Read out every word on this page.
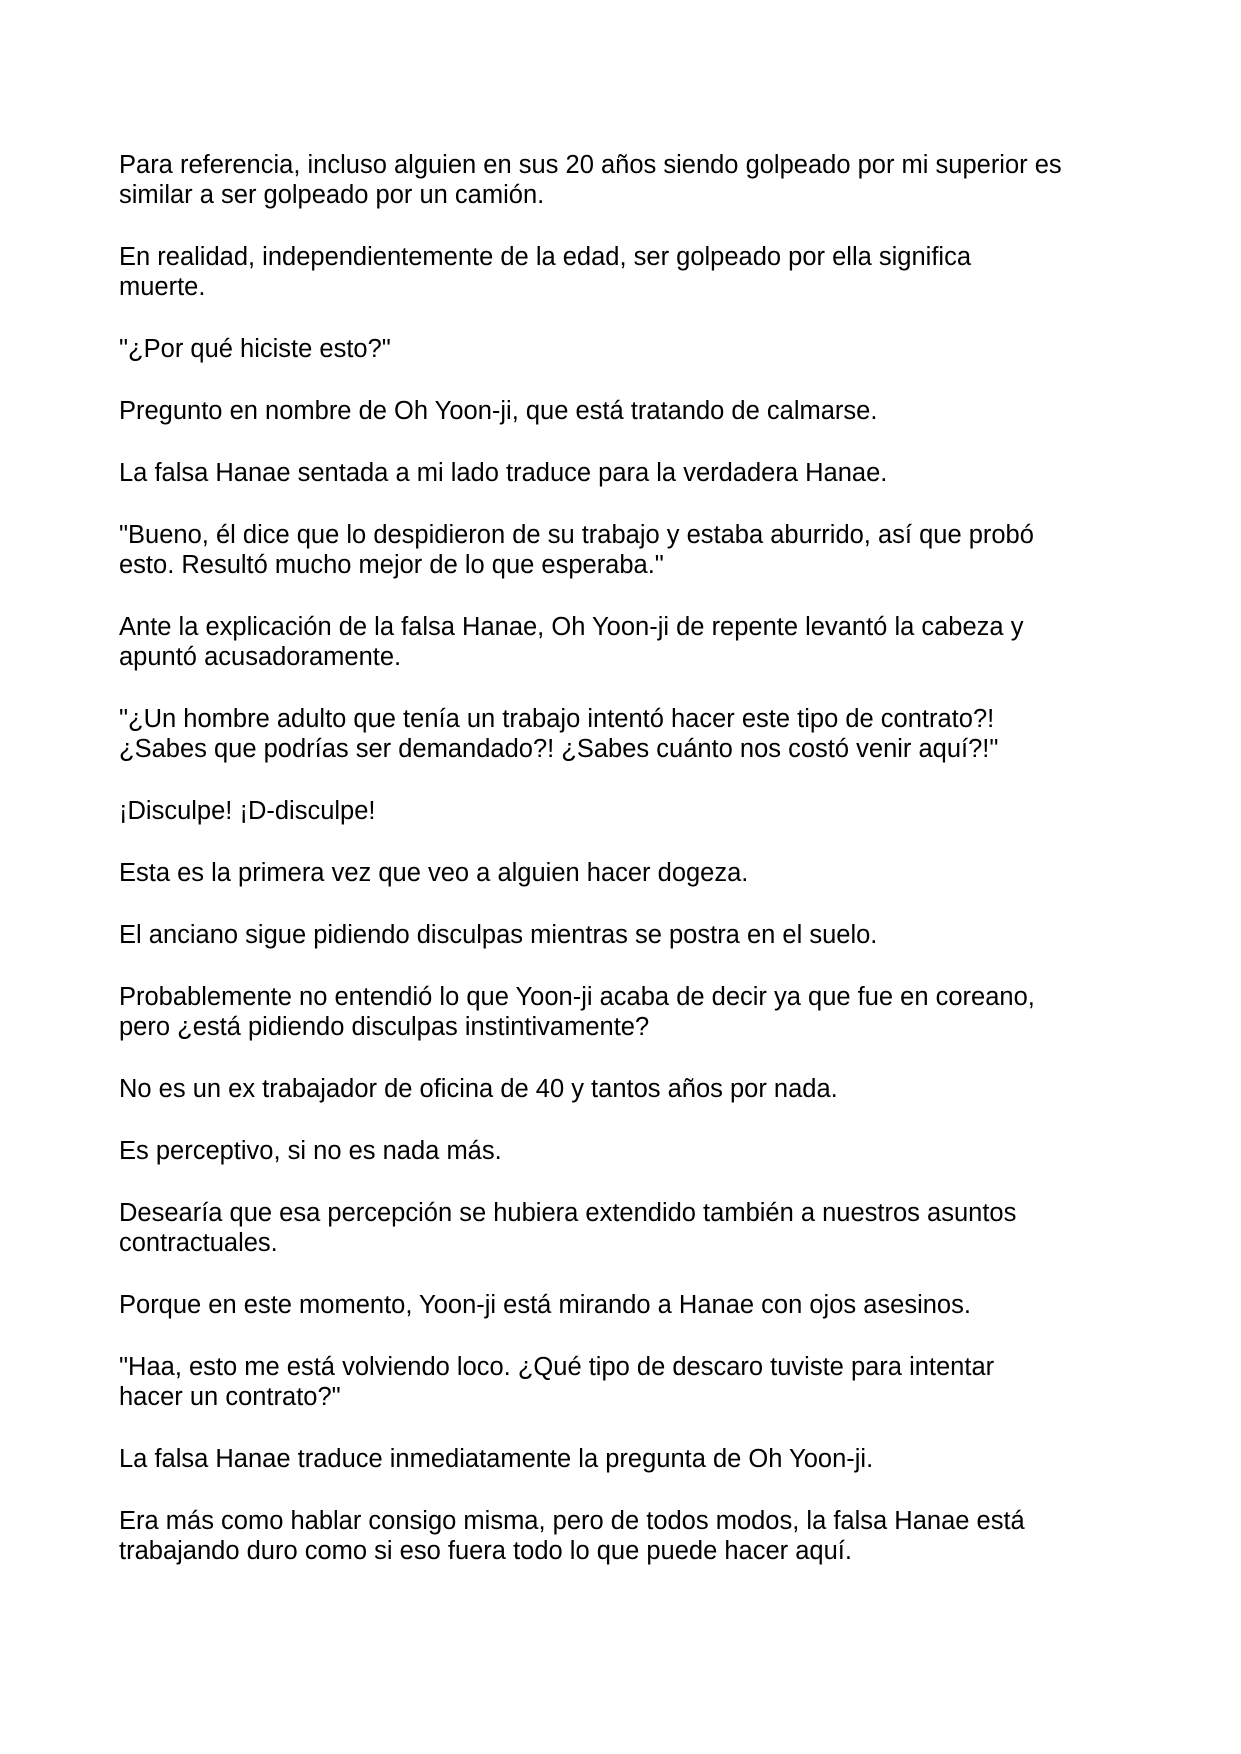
Para referencia, incluso alguien en sus 20 años siendo golpeado por mi superior es
similar a ser golpeado por un camión.

En realidad, independientemente de la edad, ser golpeado por ella significa
muerte.

"¿Por qué hiciste esto?"

Pregunto en nombre de Oh Yoon-ji, que está tratando de calmarse.

La falsa Hanae sentada a mi lado traduce para la verdadera Hanae.

"Bueno, él dice que lo despidieron de su trabajo y estaba aburrido, así que probó
esto. Resultó mucho mejor de lo que esperaba."

Ante la explicación de la falsa Hanae, Oh Yoon-ji de repente levantó la cabeza y
apuntó acusadoramente.

"¿Un hombre adulto que tenía un trabajo intentó hacer este tipo de contrato?!
¿Sabes que podrías ser demandado?! ¿Sabes cuánto nos costó venir aquí?!"

¡Disculpe! ¡D-disculpe!

Esta es la primera vez que veo a alguien hacer dogeza.

El anciano sigue pidiendo disculpas mientras se postra en el suelo.

Probablemente no entendió lo que Yoon-ji acaba de decir ya que fue en coreano,
pero ¿está pidiendo disculpas instintivamente?

No es un ex trabajador de oficina de 40 y tantos años por nada.

Es perceptivo, si no es nada más.

Desearía que esa percepción se hubiera extendido también a nuestros asuntos
contractuales.

Porque en este momento, Yoon-ji está mirando a Hanae con ojos asesinos.

"Haa, esto me está volviendo loco. ¿Qué tipo de descaro tuviste para intentar
hacer un contrato?"

La falsa Hanae traduce inmediatamente la pregunta de Oh Yoon-ji.

Era más como hablar consigo misma, pero de todos modos, la falsa Hanae está
trabajando duro como si eso fuera todo lo que puede hacer aquí.
